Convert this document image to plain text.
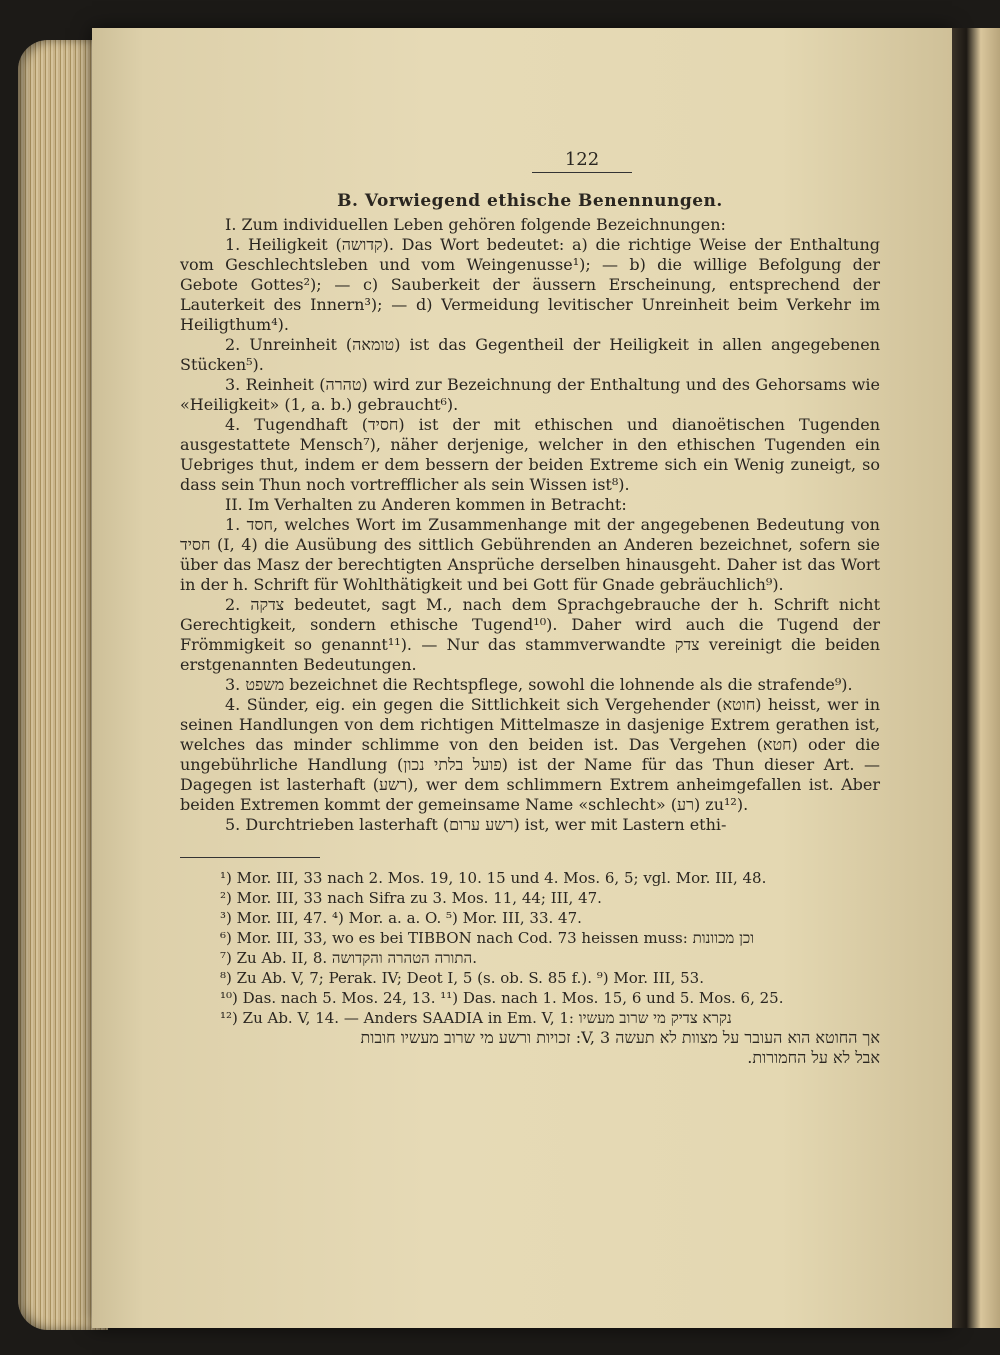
122
B. Vorwiegend ethische Benennungen.

I. Zum individuellen Leben gehören folgende Bezeichnungen:

1. Heiligkeit (קדושה). Das Wort bedeutet: a) die richtige Weise der Enthaltung vom Geschlechtsleben und vom Weingenusse¹); — b) die willige Befolgung der Gebote Gottes²); — c) Sauberkeit der äussern Erscheinung, entsprechend der Lauterkeit des Innern³); — d) Vermeidung levitischer Unreinheit beim Verkehr im Heiligthum⁴).

2. Unreinheit (טומאה) ist das Gegentheil der Heiligkeit in allen angegebenen Stücken⁵).

3. Reinheit (טהרה) wird zur Bezeichnung der Enthaltung und des Gehorsams wie «Heiligkeit» (1, a. b.) gebraucht⁶).

4. Tugendhaft (חסיד) ist der mit ethischen und dianoëtischen Tugenden ausgestattete Mensch⁷), näher derjenige, welcher in den ethischen Tugenden ein Uebriges thut, indem er dem bessern der beiden Extreme sich ein Wenig zuneigt, so dass sein Thun noch vortrefflicher als sein Wissen ist⁸).

II. Im Verhalten zu Anderen kommen in Betracht:

1. חסד, welches Wort im Zusammenhange mit der angegebenen Bedeutung von חסיד (I, 4) die Ausübung des sittlich Gebührenden an Anderen bezeichnet, sofern sie über das Masz der berechtigten Ansprüche derselben hinausgeht. Daher ist das Wort in der h. Schrift für Wohlthätigkeit und bei Gott für Gnade gebräuchlich⁹).

2. צדקה bedeutet, sagt M., nach dem Sprachgebrauche der h. Schrift nicht Gerechtigkeit, sondern ethische Tugend¹⁰). Daher wird auch die Tugend der Frömmigkeit so genannt¹¹). — Nur das stammverwandte צדק vereinigt die beiden erstgenannten Bedeutungen.

3. משפט bezeichnet die Rechtspflege, sowohl die lohnende als die strafende⁹).

4. Sünder, eig. ein gegen die Sittlichkeit sich Vergehender (חוטא) heisst, wer in seinen Handlungen von dem richtigen Mittelmasze in dasjenige Extrem gerathen ist, welches das minder schlimme von den beiden ist. Das Vergehen (חטא) oder die ungebührliche Handlung (פועל בלתי נכון) ist der Name für das Thun dieser Art. — Dagegen ist lasterhaft (רשע), wer dem schlimmern Extrem anheimgefallen ist. Aber beiden Extremen kommt der gemeinsame Name «schlecht» (רע) zu¹²).

5. Durchtrieben lasterhaft (רשע ערום) ist, wer mit Lastern ethi-

¹) Mor. III, 33 nach 2. Mos. 19, 10. 15 und 4. Mos. 6, 5; vgl. Mor. III, 48.

²) Mor. III, 33 nach Sifra zu 3. Mos. 11, 44; III, 47.

³) Mor. III, 47. ⁴) Mor. a. a. O. ⁵) Mor. III, 33. 47.

⁶) Mor. III, 33, wo es bei TIBBON nach Cod. 73 heissen muss: וכן מכוונות

⁷) Zu Ab. II, 8. התורה הטהרה והקדושה.

⁸) Zu Ab. V, 7; Perak. IV; Deot I, 5 (s. ob. S. 85 f.). ⁹) Mor. III, 53.

¹⁰) Das. nach 5. Mos. 24, 13. ¹¹) Das. nach 1. Mos. 15, 6 und 5. Mos. 6, 25.

¹²) Zu Ab. V, 14. — Anders SAADIA in Em. V, 1: נקרא צדיק מי שרוב מעשיו

אך החוטא הוא העובר על מצוות לא תעשה V, 3: זכויות ורשע מי שרוב מעשיו חובות
אבל לא על החמורות.
